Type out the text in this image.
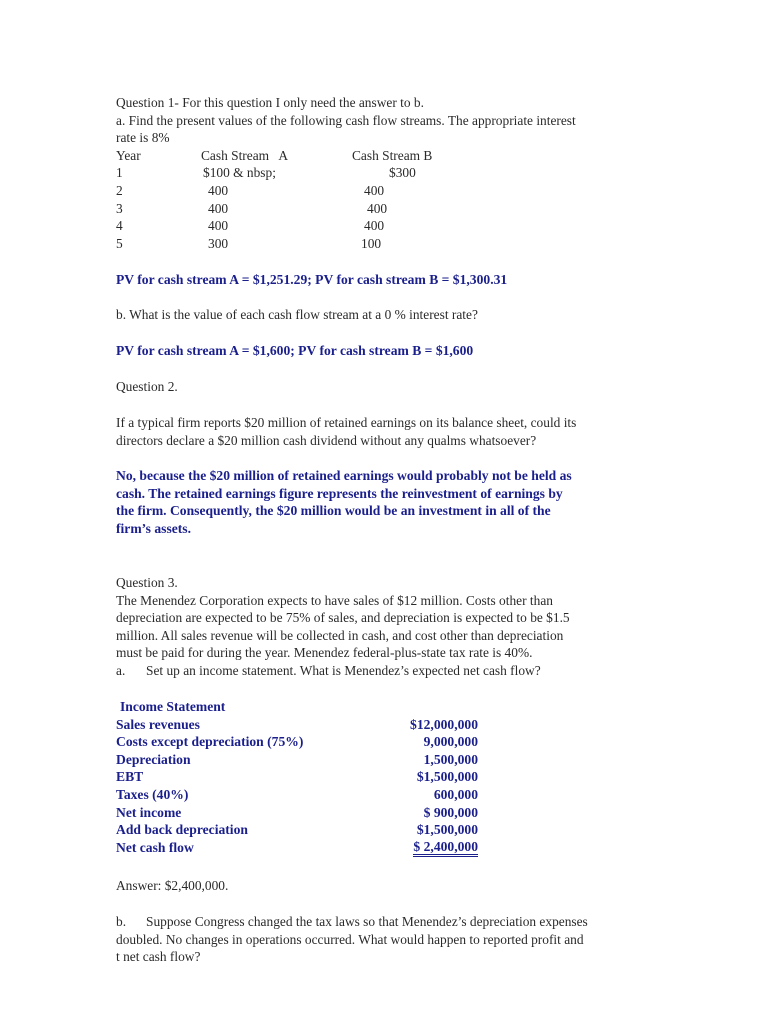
Question 1- For this question I only need the answer to b.
a. Find the present values of the following cash flow streams. The appropriate interest
rate is 8%
Year	Cash Stream   A	Cash Stream B
1	$100 & nbsp;	$300
2	400	400
3	400	400
4	400	400
5	300	100
PV for cash stream A = $1,251.29; PV for cash stream B = $1,300.31
b. What is the value of each cash flow stream at a 0 % interest rate?
PV for cash stream A = $1,600; PV for cash stream B = $1,600
Question 2.
If a typical firm reports $20 million of retained earnings on its balance sheet, could its
directors declare a $20 million cash dividend without any qualms whatsoever?
No, because the $20 million of retained earnings would probably not be held as
cash. The retained earnings figure represents the reinvestment of earnings by
the firm. Consequently, the $20 million would be an investment in all of the
firm’s assets.
Question 3.
The Menendez Corporation expects to have sales of $12 million. Costs other than
depreciation are expected to be 75% of sales, and depreciation is expected to be $1.5
million. All sales revenue will be collected in cash, and cost other than depreciation
must be paid for during the year. Menendez federal-plus-state tax rate is 40%.
a. Set up an income statement. What is Menendez’s expected net cash flow?
Income Statement
Sales revenues	$12,000,000
Costs except depreciation (75%)	9,000,000
Depreciation	1,500,000
EBT	$1,500,000
Taxes (40%)	600,000
Net income	$ 900,000
Add back depreciation	$1,500,000
Net cash flow	$ 2,400,000
Answer: $2,400,000.
b. Suppose Congress changed the tax laws so that Menendez’s depreciation expenses
doubled. No changes in operations occurred. What would happen to reported profit and
t net cash flow?
